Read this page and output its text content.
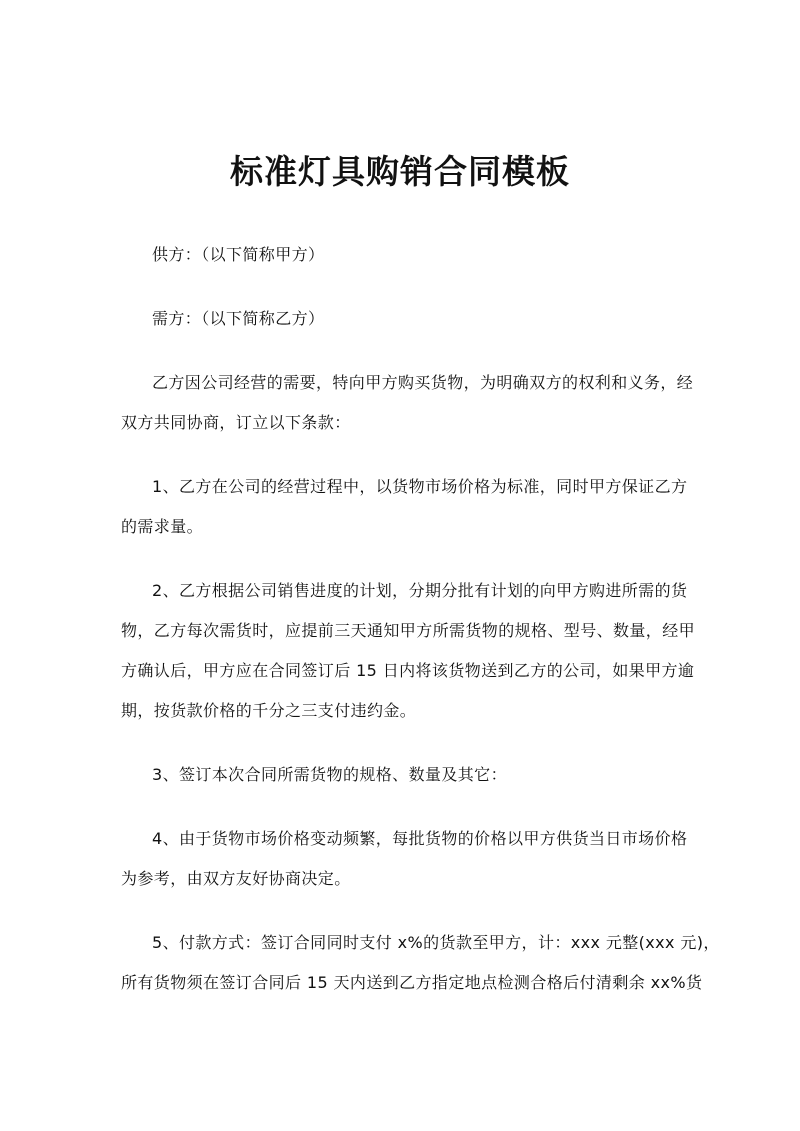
标准灯具购销合同模板
供方：（以下简称甲方）
需方：（以下简称乙方）
乙方因公司经营的需要，特向甲方购买货物，为明确双方的权利和义务，经
双方共同协商，订立以下条款：
1、乙方在公司的经营过程中，以货物市场价格为标准，同时甲方保证乙方
的需求量。
2、乙方根据公司销售进度的计划，分期分批有计划的向甲方购进所需的货
物，乙方每次需货时，应提前三天通知甲方所需货物的规格、型号、数量，经甲
方确认后，甲方应在合同签订后 15 日内将该货物送到乙方的公司，如果甲方逾
期，按货款价格的千分之三支付违约金。
3、签订本次合同所需货物的规格、数量及其它：
4、由于货物市场价格变动频繁，每批货物的价格以甲方供货当日市场价格
为参考，由双方友好协商决定。
5、付款方式：签订合同同时支付 x%的货款至甲方，计：xxx 元整(xxx 元)，
所有货物须在签订合同后 15 天内送到乙方指定地点检测合格后付清剩余 xx%货
